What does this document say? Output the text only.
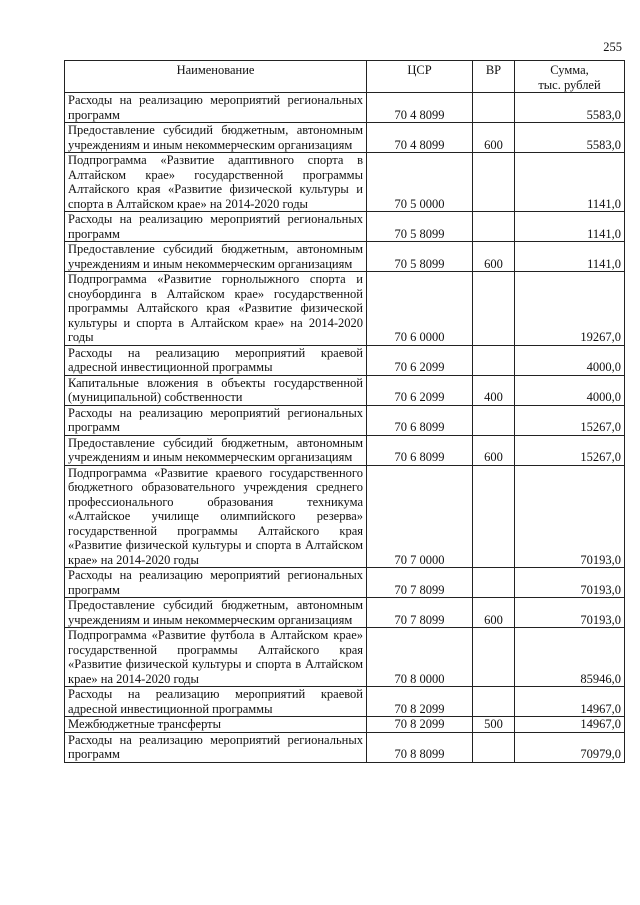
255
Наименование	ЦСР	ВР	Сумма,
тыс. рублей

Расходы на реализацию мероприятий региональных программ	70 4 8099		5583,0
Предоставление субсидий бюджетным, автономным учреждениям и иным некоммерческим организациям	70 4 8099	600	5583,0
Подпрограмма «Развитие адаптивного спорта в Алтайском крае» государственной программы Алтайского края «Развитие физической культуры и спорта в Алтайском крае» на 2014-2020 годы	70 5 0000		1141,0
Расходы на реализацию мероприятий региональных программ	70 5 8099		1141,0
Предоставление субсидий бюджетным, автономным учреждениям и иным некоммерческим организациям	70 5 8099	600	1141,0
Подпрограмма «Развитие горнолыжного спорта и сноубординга в Алтайском крае» государственной программы Алтайского края «Развитие физической культуры и спорта в Алтайском крае» на 2014-2020 годы	70 6 0000		19267,0
Расходы на реализацию мероприятий краевой адресной инвестиционной программы	70 6 2099		4000,0
Капитальные вложения в объекты государственной (муниципальной) собственности	70 6 2099	400	4000,0
Расходы на реализацию мероприятий региональных программ	70 6 8099		15267,0
Предоставление субсидий бюджетным, автономным учреждениям и иным некоммерческим организациям	70 6 8099	600	15267,0
Подпрограмма «Развитие краевого государственного бюджетного образовательного учреждения среднего профессионального образования техникума «Алтайское училище олимпийского резерва» государственной программы Алтайского края «Развитие физической культуры и спорта в Алтайском крае» на 2014-2020 годы	70 7 0000		70193,0
Расходы на реализацию мероприятий региональных программ	70 7 8099		70193,0
Предоставление субсидий бюджетным, автономным учреждениям и иным некоммерческим организациям	70 7 8099	600	70193,0
Подпрограмма «Развитие футбола в Алтайском крае» государственной программы Алтайского края «Развитие физической культуры и спорта в Алтайском крае» на 2014-2020 годы	70 8 0000		85946,0
Расходы на реализацию мероприятий краевой адресной инвестиционной программы	70 8 2099		14967,0
Межбюджетные трансферты	70 8 2099	500	14967,0
Расходы на реализацию мероприятий региональных программ	70 8 8099		70979,0
